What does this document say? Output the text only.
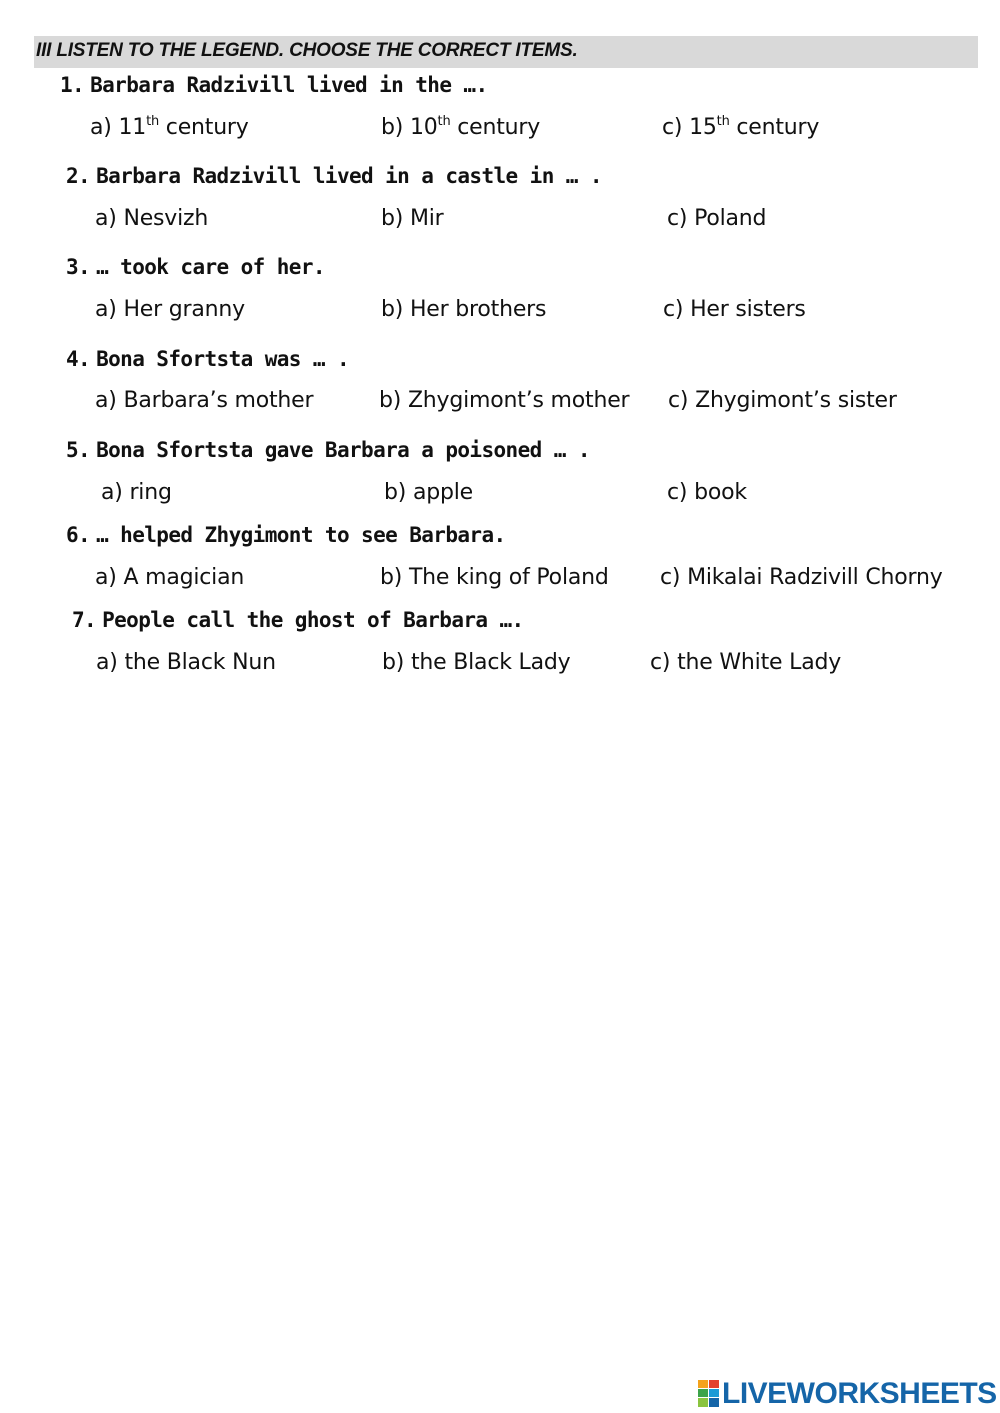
III LISTEN TO THE LEGEND. CHOOSE THE CORRECT ITEMS.
1. Barbara Radzivill lived in the ….
a) 11th century	b) 10th century	c) 15th century
2. Barbara Radzivill lived in a castle in … .
a) Nesvizh	b) Mir	c) Poland
3. … took care of her.
a) Her granny	b) Her brothers	c) Her sisters
4. Bona Sfortsta was … .
a) Barbara’s mother	b) Zhygimont’s mother c) Zhygimont’s sister
5. Bona Sfortsta gave Barbara a poisoned … .
a) ring	b) apple	c) book
6. … helped Zhygimont to see Barbara.
a) A magician	b) The king of Poland c) Mikalai Radzivill Chorny
7. People call the ghost of Barbara ….
a) the Black Nun	b) the Black Lady	c) the White Lady
LIVEWORKSHEETS
